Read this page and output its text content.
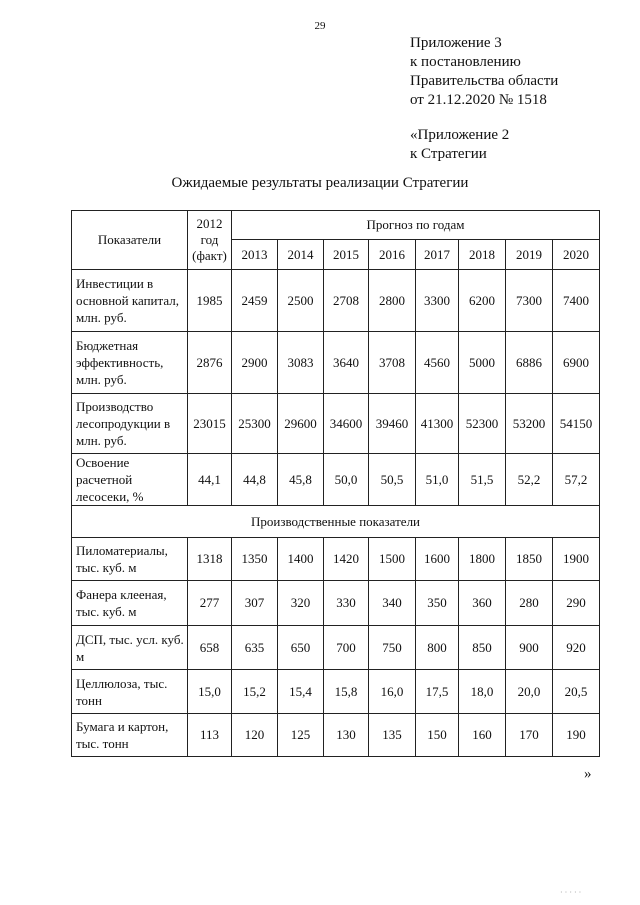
29
Приложение 3
к постановлению
Правительства области
от 21.12.2020 № 1518
«Приложение 2
к Стратегии
Ожидаемые результаты реализации Стратегии
Показатели	2012 год (факт)	Прогноз по годам							
		2013	2014	2015	2016	2017	2018	2019	2020
Инвестиции в основной капитал, млн. руб.	1985	2459	2500	2708	2800	3300	6200	7300	7400
Бюджетная эффективность, млн. руб.	2876	2900	3083	3640	3708	4560	5000	6886	6900
Производство лесопродукции в млн. руб.	23015	25300	29600	34600	39460	41300	52300	53200	54150
Освоение расчетной лесосеки, %	44,1	44,8	45,8	50,0	50,5	51,0	51,5	52,2	57,2
Производственные показатели									
Пиломатериалы, тыс. куб. м	1318	1350	1400	1420	1500	1600	1800	1850	1900
Фанера клееная, тыс. куб. м	277	307	320	330	340	350	360	280	290
ДСП, тыс. усл. куб. м	658	635	650	700	750	800	850	900	920
Целлюлоза, тыс. тонн	15,0	15,2	15,4	15,8	16,0	17,5	18,0	20,0	20,5
Бумага и картон, тыс. тонн	113	120	125	130	135	150	160	170	190
»
·····
